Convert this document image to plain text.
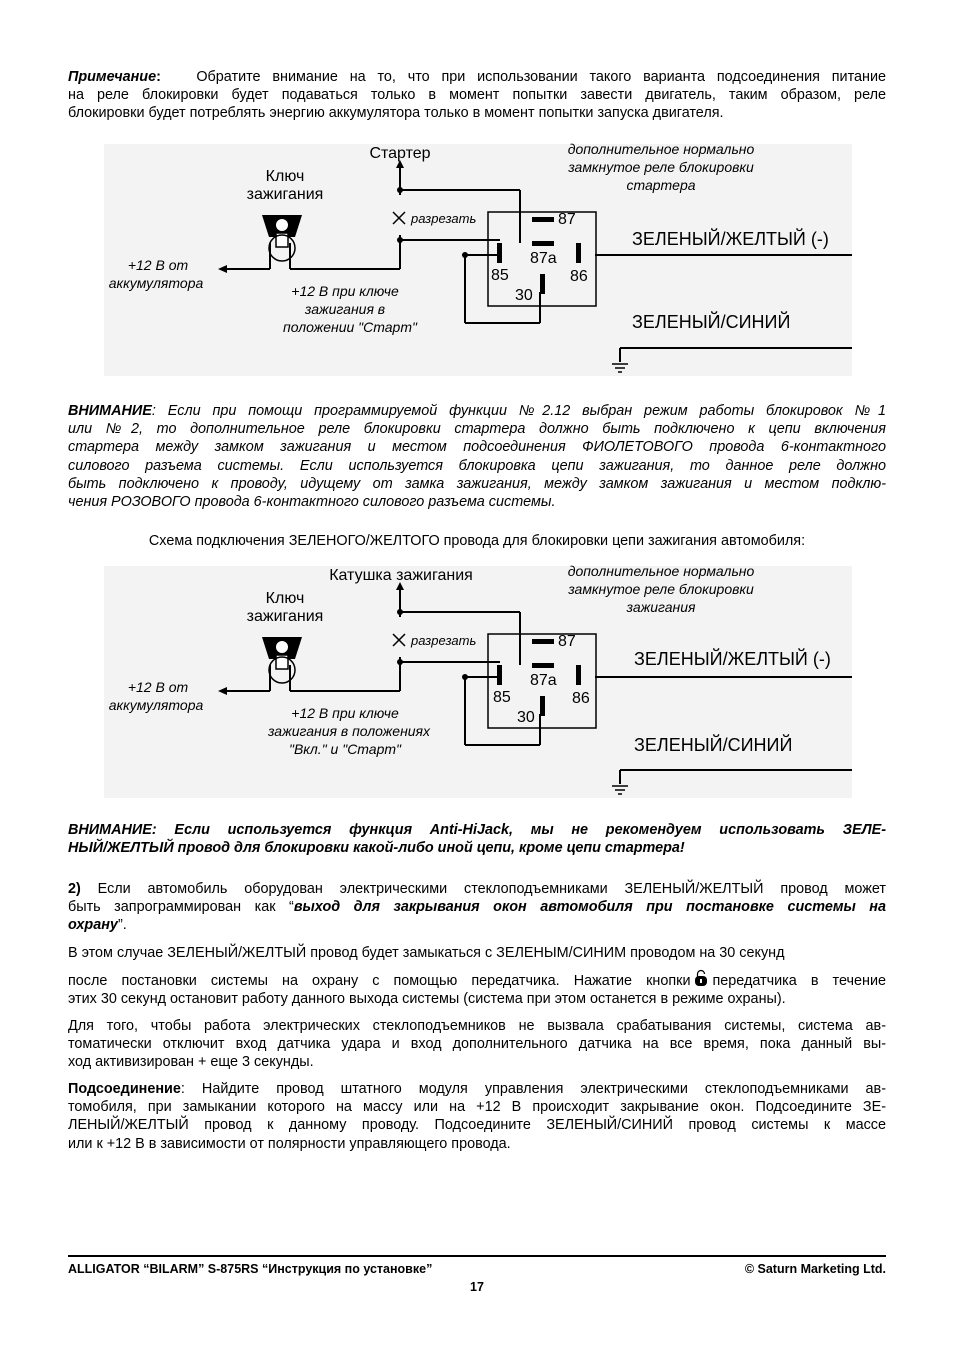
Примечание: Обратите внимание на то, что при использовании такого варианта подсоединения питание
на реле блокировки будет подаваться только в момент попытки завести двигатель, таким образом, реле
блокировки будет потреблять энергию аккумулятора только в момент попытки запуска двигателя.
Ключ
зажигания
Стартер	дополнительное нормально
замкнутое реле блокировки
стартера
разрезать
+12 В от
аккумулятора	+12 В при ключе
зажигания в
положении "Старт"
87
87a
85	86
30
ЗЕЛЕНЫЙ/ЖЕЛТЫЙ (-)
ЗЕЛЕНЫЙ/СИНИЙ
ВНИМАНИЕ: Если при помощи программируемой функции №2.12 выбран режим работы блокировок №1
или №2, то дополнительное реле блокировки стартера должно быть подключено к цепи включения
стартера между замком зажигания и местом подсоединения ФИОЛЕТОВОГО провода 6-контактного
силового разъема системы. Если используется блокировка цепи зажигания, то данное реле должно
быть подключено к проводу, идущему от замка зажигания, между замком зажигания и местом подклю-
чения РОЗОВОГО провода 6-контактного силового разъема системы.
Схема подключения ЗЕЛЕНОГО/ЖЕЛТОГО провода для блокировки цепи зажигания автомобиля:
Ключ
зажигания
Катушка зажигания	дополнительное нормально
замкнутое реле блокировки
зажигания
разрезать
+12 В от
аккумулятора	+12 В при ключе
зажигания в положениях
"Вкл." и "Старт"
87
87a
85	86
30
ЗЕЛЕНЫЙ/ЖЕЛТЫЙ (-)
ЗЕЛЕНЫЙ/СИНИЙ
ВНИМАНИЕ: Если используется функция Anti-HiJack, мы не рекомендуем использовать ЗЕЛЕ-
НЫЙ/ЖЕЛТЫЙ провод для блокировки какой-либо иной цепи, кроме цепи стартера!
2) Если автомобиль оборудован электрическими стеклоподъемниками ЗЕЛЕНЫЙ/ЖЕЛТЫЙ провод может
быть запрограммирован как “выход для закрывания окон автомобиля при постановке системы на
охрану”.
В этом случае ЗЕЛЕНЫЙ/ЖЕЛТЫЙ провод будет замыкаться с ЗЕЛЕНЫМ/СИНИМ проводом на 30 секунд
после постановки системы на охрану с помощью передатчика. Нажатие кнопки передатчика в течение
этих 30 секунд остановит работу данного выхода системы (система при этом останется в режиме охраны).
Для того, чтобы работа электрических стеклоподъемников не вызвала срабатывания системы, система ав-
томатически отключит вход датчика удара и вход дополнительного датчика на все время, пока данный вы-
ход активизирован + еще 3 секунды.
Подсоединение: Найдите провод штатного модуля управления электрическими стеклоподъемниками ав-
томобиля, при замыкании которого на массу или на +12 В происходит закрывание окон. Подсоедините ЗЕ-
ЛЕНЫЙ/ЖЕЛТЫЙ провод к данному проводу. Подсоедините ЗЕЛЕНЫЙ/СИНИЙ провод системы к массе
или к +12 В в зависимости от полярности управляющего провода.
ALLIGATOR “BILARM” S-875RS “Инструкция по установке”	© Saturn Marketing Ltd.
17
